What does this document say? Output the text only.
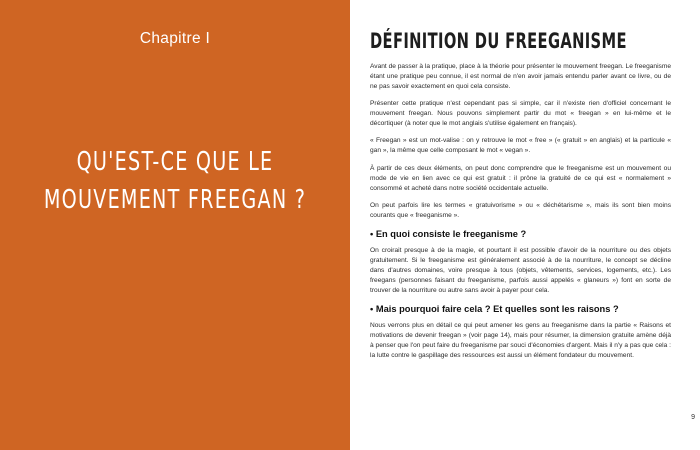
Chapitre I
QU'EST-CE QUE LE
MOUVEMENT FREEGAN ?
DÉFINITION DU FREEGANISME

Avant de passer à la pratique, place à la théorie pour présenter le mouvement freegan. Le freeganisme étant une pratique peu connue, il est normal de n'en avoir jamais entendu parler avant ce livre, ou de ne pas savoir exactement en quoi cela consiste.

Présenter cette pratique n'est cependant pas si simple, car il n'existe rien d'officiel concernant le mouvement freegan. Nous pouvons simplement partir du mot « freegan » en lui-même et le décortiquer (à noter que le mot anglais s'utilise également en français).

« Freegan » est un mot-valise : on y retrouve le mot « free » (« gratuit » en anglais) et la particule « gan », la même que celle composant le mot « vegan ».

À partir de ces deux éléments, on peut donc comprendre que le freeganisme est un mouvement ou mode de vie en lien avec ce qui est gratuit : il prône la gratuité de ce qui est « normalement » consommé et acheté dans notre société occidentale actuelle.

On peut parfois lire les termes « gratuivorisme » ou « déchétarisme », mais ils sont bien moins courants que « freeganisme ».

• En quoi consiste le freeganisme ?

On croirait presque à de la magie, et pourtant il est possible d'avoir de la nourriture ou des objets gratuitement. Si le freeganisme est généralement associé à de la nourriture, le concept se décline dans d'autres domaines, voire presque à tous (objets, vêtements, services, logements, etc.). Les freegans (personnes faisant du freeganisme, parfois aussi appelés « glaneurs ») font en sorte de trouver de la nourriture ou autre sans avoir à payer pour cela.

• Mais pourquoi faire cela ? Et quelles sont les raisons ?

Nous verrons plus en détail ce qui peut amener les gens au freeganisme dans la partie « Raisons et motivations de devenir freegan » (voir page 14), mais pour résumer, la dimension gratuite amène déjà à penser que l'on peut faire du freeganisme par souci d'économies d'argent. Mais il n'y a pas que cela : la lutte contre le gaspillage des ressources est aussi un élément fondateur du mouvement.

9
